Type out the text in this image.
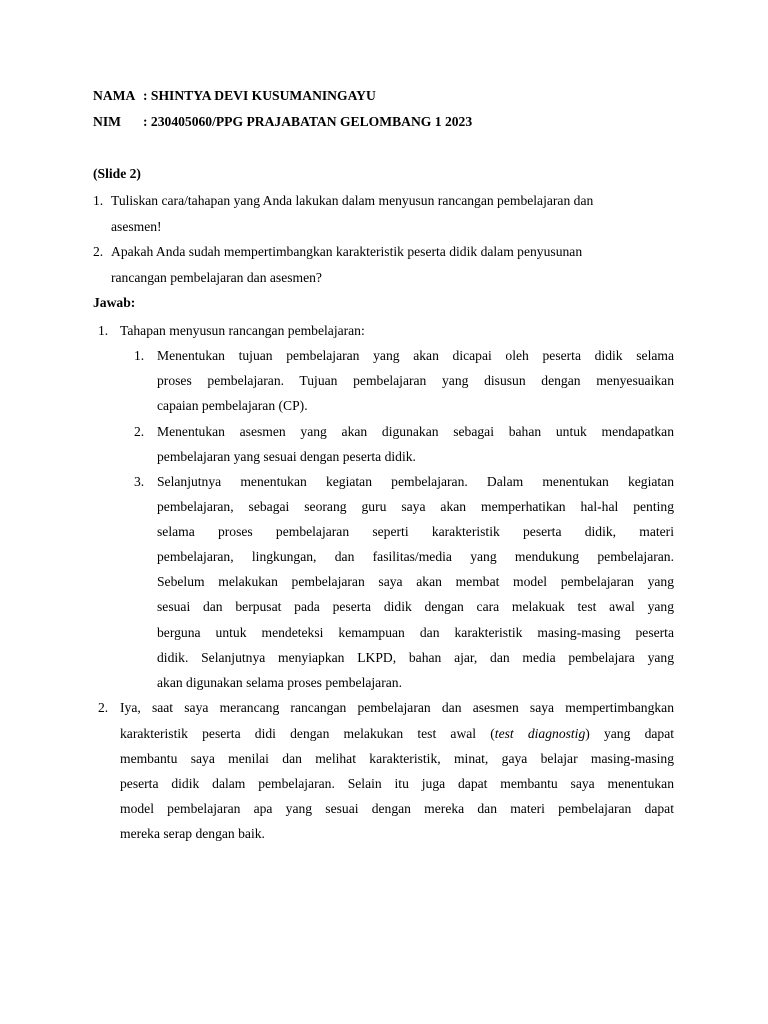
NAMA : SHINTYA DEVI KUSUMANINGAYU
NIM : 230405060/PPG PRAJABATAN GELOMBANG 1 2023
(Slide 2)
1. Tuliskan cara/tahapan yang Anda lakukan dalam menyusun rancangan pembelajaran dan
asesmen!
2. Apakah Anda sudah mempertimbangkan karakteristik peserta didik dalam penyusunan
rancangan pembelajaran dan asesmen?
Jawab:
1. Tahapan menyusun rancangan pembelajaran:
1. Menentukan tujuan pembelajaran yang akan dicapai oleh peserta didik selama
proses pembelajaran. Tujuan pembelajaran yang disusun dengan menyesuaikan
capaian pembelajaran (CP).
2. Menentukan asesmen yang akan digunakan sebagai bahan untuk mendapatkan
pembelajaran yang sesuai dengan peserta didik.
3. Selanjutnya menentukan kegiatan pembelajaran. Dalam menentukan kegiatan
pembelajaran, sebagai seorang guru saya akan memperhatikan hal-hal penting
selama proses pembelajaran seperti karakteristik peserta didik, materi
pembelajaran, lingkungan, dan fasilitas/media yang mendukung pembelajaran.
Sebelum melakukan pembelajaran saya akan membat model pembelajaran yang
sesuai dan berpusat pada peserta didik dengan cara melakuak test awal yang
berguna untuk mendeteksi kemampuan dan karakteristik masing-masing peserta
didik. Selanjutnya menyiapkan LKPD, bahan ajar, dan media pembelajara yang
akan digunakan selama proses pembelajaran.
2. Iya, saat saya merancang rancangan pembelajaran dan asesmen saya mempertimbangkan
karakteristik peserta didi dengan melakukan test awal (test diagnostig) yang dapat
membantu saya menilai dan melihat karakteristik, minat, gaya belajar masing-masing
peserta didik dalam pembelajaran. Selain itu juga dapat membantu saya menentukan
model pembelajaran apa yang sesuai dengan mereka dan materi pembelajaran dapat
mereka serap dengan baik.
